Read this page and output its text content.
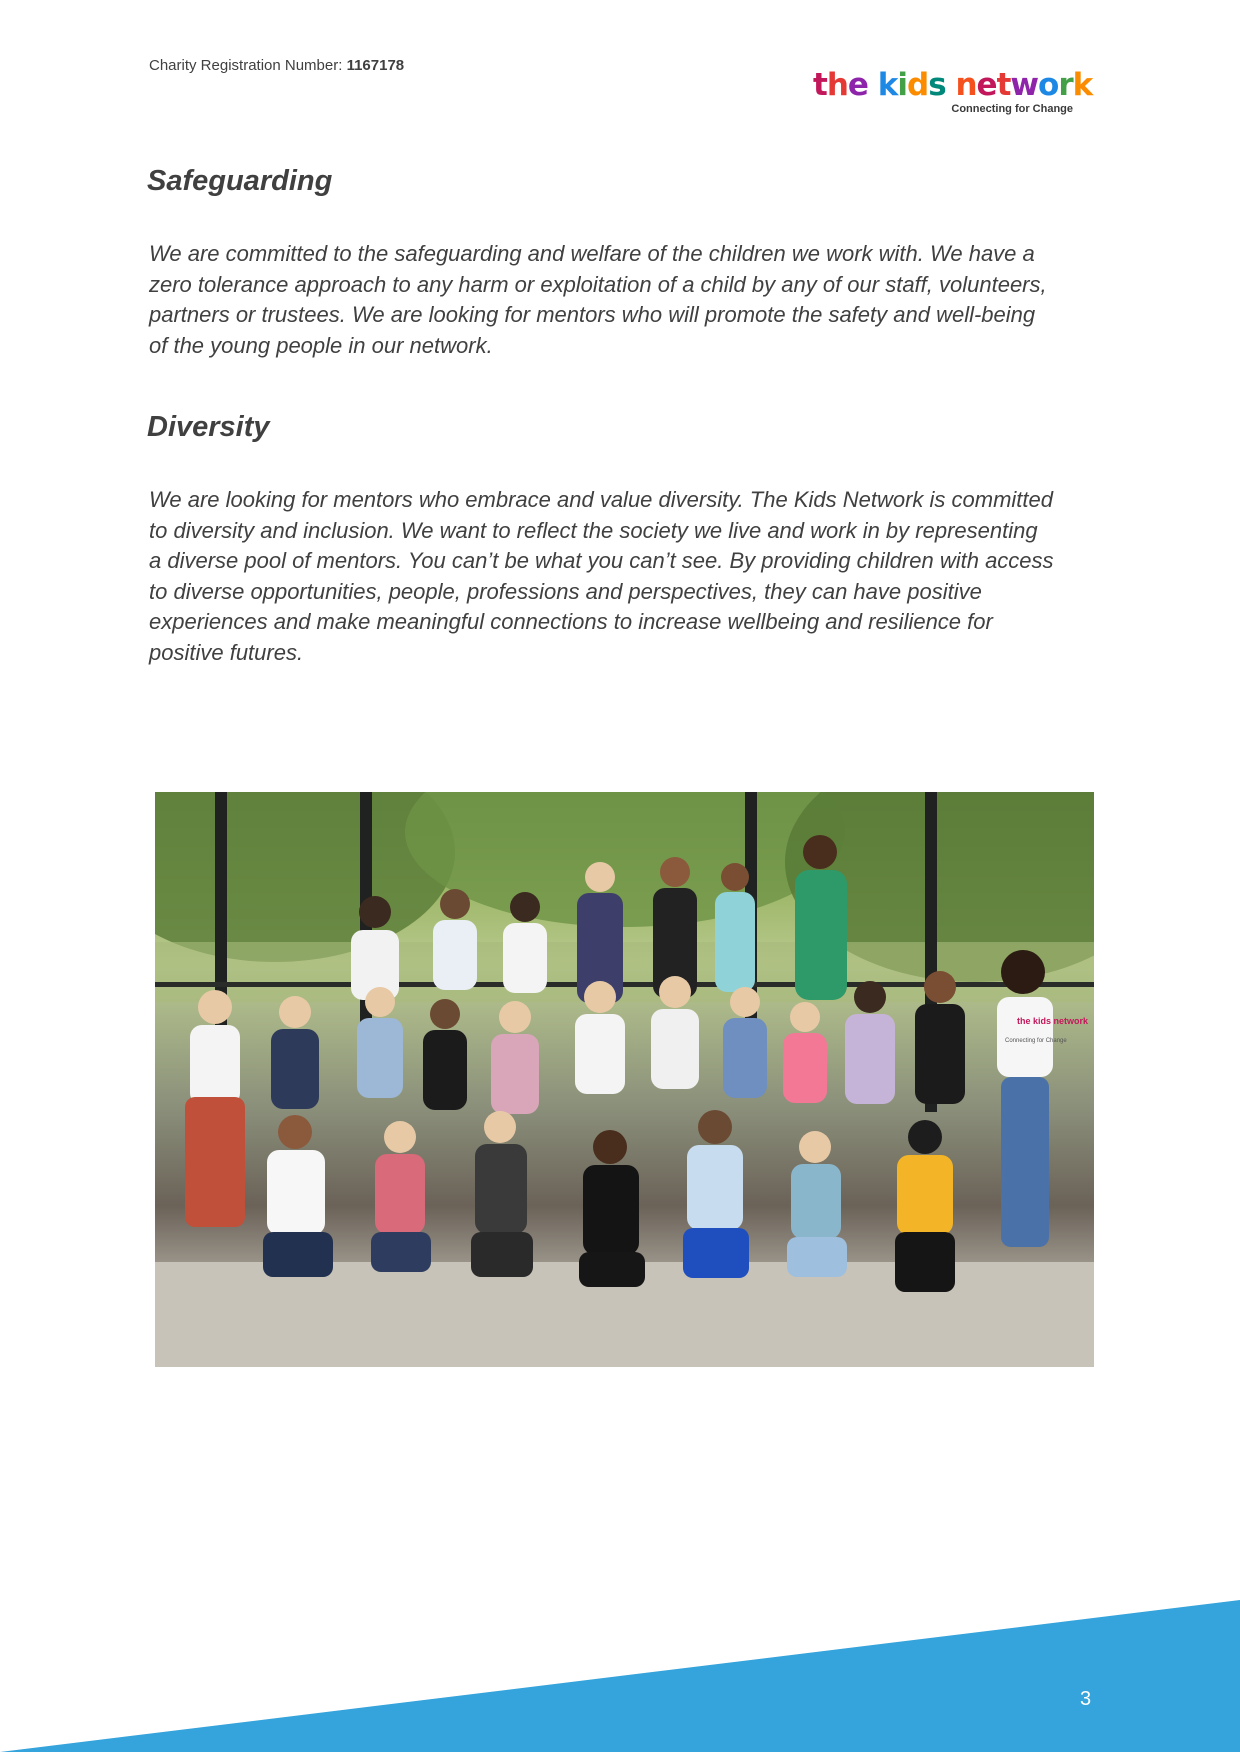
Charity Registration Number: 1167178
the kids network
Connecting for Change
Safeguarding

We are committed to the safeguarding and welfare of the children we work with. We have a
zero tolerance approach to any harm or exploitation of a child by any of our staff, volunteers,
partners or trustees. We are looking for mentors who will promote the safety and well-being
of the young people in our network.

Diversity

We are looking for mentors who embrace and value diversity. The Kids Network is committed
to diversity and inclusion. We want to reflect the society we live and work in by representing
a diverse pool of mentors. You can’t be what you can’t see. By providing children with access
to diverse opportunities, people, professions and perspectives, they can have positive
experiences and make meaningful connections to increase wellbeing and resilience for
positive futures.

the kids network
Connecting for Change
3
